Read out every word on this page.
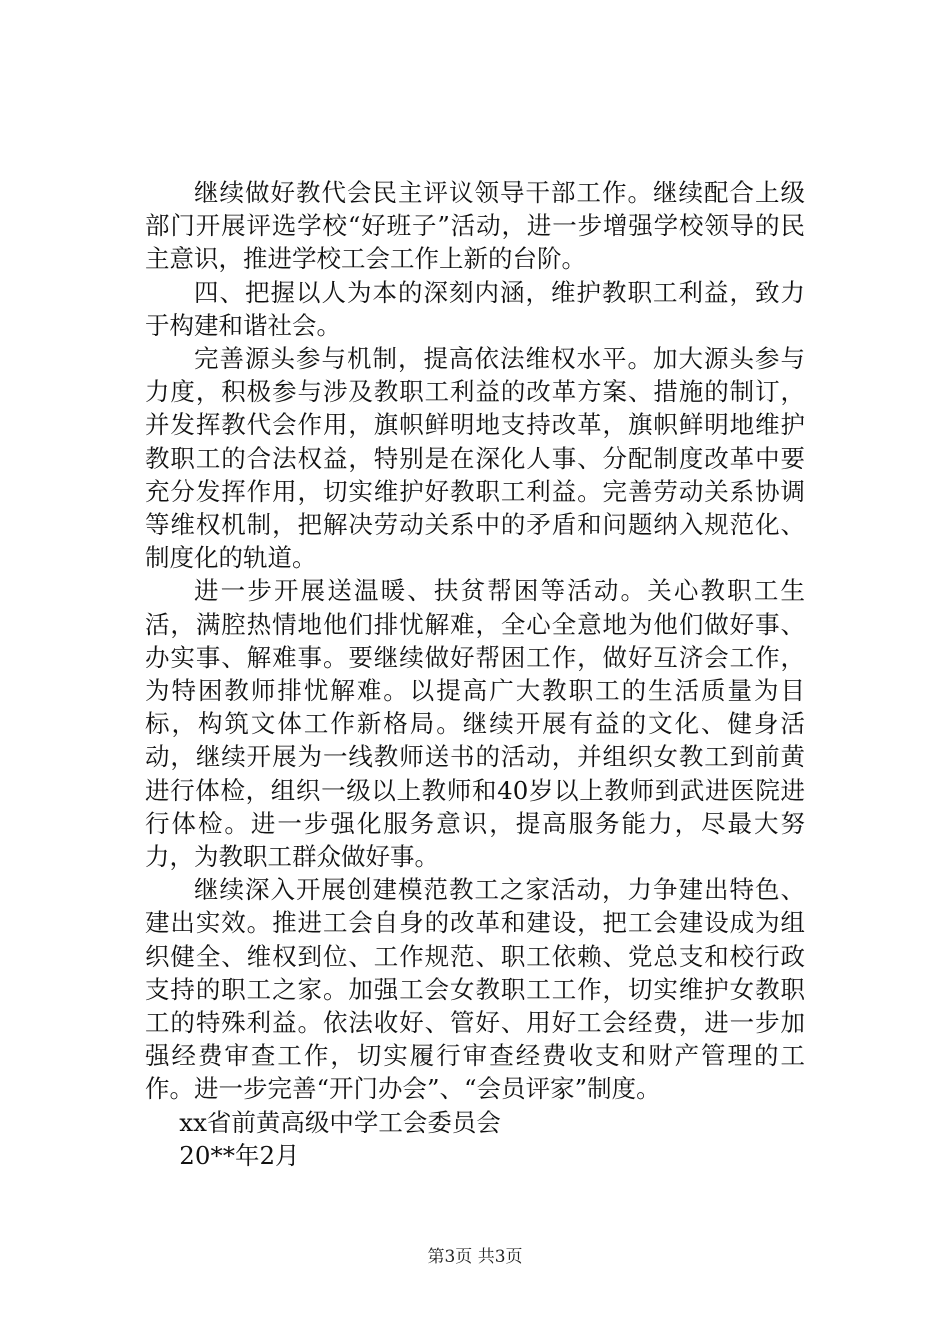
继续做好教代会民主评议领导干部工作。继续配合上级部门开展评选学校“好班子”活动，进一步增强学校领导的民主意识，推进学校工会工作上新的台阶。

四、把握以人为本的深刻内涵，维护教职工利益，致力于构建和谐社会。

完善源头参与机制，提高依法维权水平。加大源头参与力度，积极参与涉及教职工利益的改革方案、措施的制订，并发挥教代会作用，旗帜鲜明地支持改革，旗帜鲜明地维护教职工的合法权益，特别是在深化人事、分配制度改革中要充分发挥作用，切实维护好教职工利益。完善劳动关系协调等维权机制，把解决劳动关系中的矛盾和问题纳入规范化、制度化的轨道。

进一步开展送温暖、扶贫帮困等活动。关心教职工生活，满腔热情地他们排忧解难，全心全意地为他们做好事、办实事、解难事。要继续做好帮困工作，做好互济会工作，为特困教师排忧解难。以提高广大教职工的生活质量为目标，构筑文体工作新格局。继续开展有益的文化、健身活动，继续开展为一线教师送书的活动，并组织女教工到前黄进行体检，组织一级以上教师和40岁以上教师到武进医院进行体检。进一步强化服务意识，提高服务能力，尽最大努力，为教职工群众做好事。

继续深入开展创建模范教工之家活动，力争建出特色、建出实效。推进工会自身的改革和建设，把工会建设成为组织健全、维权到位、工作规范、职工依赖、党总支和校行政支持的职工之家。加强工会女教职工工作，切实维护女教职工的特殊利益。依法收好、管好、用好工会经费，进一步加强经费审查工作，切实履行审查经费收支和财产管理的工作。进一步完善“开门办会”、“会员评家”制度。

xx省前黄高级中学工会委员会

20**年2月

第3页 共3页
